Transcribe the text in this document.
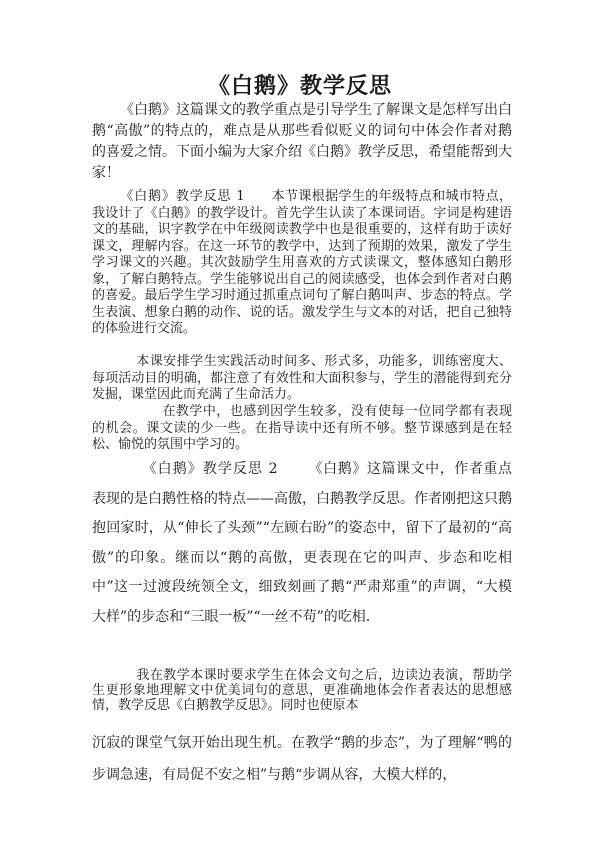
《白鹅》教学反思
《白鹅》这篇课文的教学重点是引导学生了解课文是怎样写出白鹅“高傲”的特点的，难点是从那些看似贬义的词句中体会作者对鹅的喜爱之情。下面小编为大家介绍《白鹅》教学反思，希望能帮到大家！
《白鹅》教学反思 1 本节课根据学生的年级特点和城市特点，我设计了《白鹅》的教学设计。首先学生认读了本课词语。字词是构建语文的基础，识字教学在中年级阅读教学中也是很重要的，这样有助于读好课文，理解内容。在这一环节的教学中，达到了预期的效果，激发了学生学习课文的兴趣。其次鼓励学生用喜欢的方式读课文，整体感知白鹅形象，了解白鹅特点。学生能够说出自己的阅读感受，也体会到作者对白鹅的喜爱。最后学生学习时通过抓重点词句了解白鹅叫声、步态的特点。学生表演、想象白鹅的动作、说的话。激发学生与文本的对话，把自己独特的体验进行交流。
本课安排学生实践活动时间多、形式多，功能多，训练密度大、每项活动目的明确，都注意了有效性和大面积参与，学生的潜能得到充分发掘，课堂因此而充满了生命活力。
在教学中，也感到因学生较多，没有使每一位同学都有表现的机会。课文读的少一些。在指导读中还有所不够。整节课感到是在轻松、愉悦的氛围中学习的。
《白鹅》教学反思 2 《白鹅》这篇课文中，作者重点表现的是白鹅性格的特点——高傲，白鹅教学反思。作者刚把这只鹅抱回家时，从“伸长了头颈”“左顾右盼”的姿态中，留下了最初的“高傲”的印象。继而以“鹅的高傲，更表现在它的叫声、步态和吃相中”这一过渡段统领全文，细致刻画了鹅“严肃郑重”的声调，“大模大样”的步态和“三眼一板”“一丝不苟”的吃相.
我在教学本课时要求学生在体会文句之后，边读边表演，帮助学生更形象地理解文中优美词句的意思，更准确地体会作者表达的思想感情，教学反思《白鹅教学反思》。同时也使原本
沉寂的课堂气氛开始出现生机。在教学“鹅的步态”，为了理解“鸭的步调急速，有局促不安之相”与鹅“步调从容，大模大样的，
